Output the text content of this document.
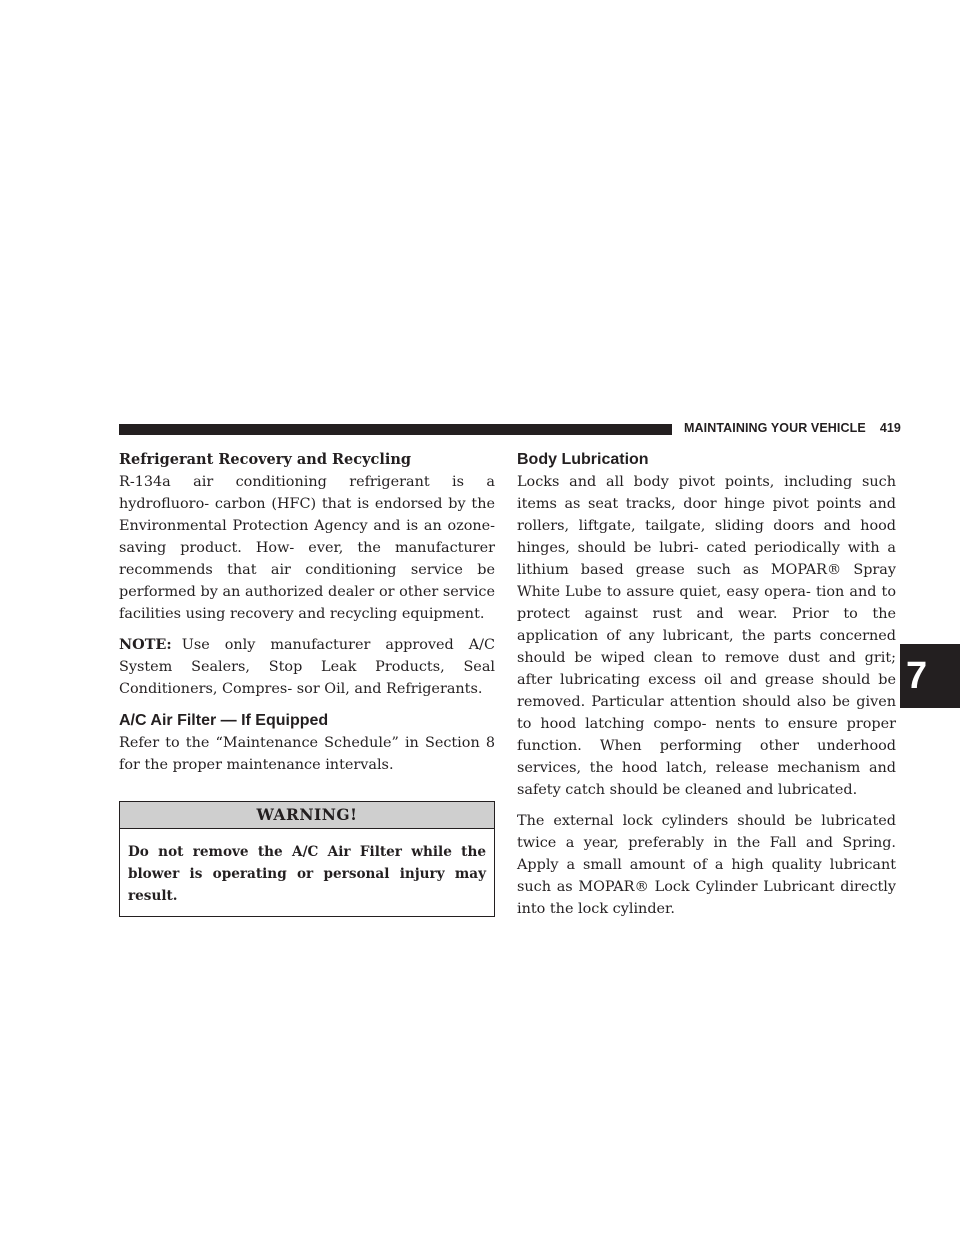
MAINTAINING YOUR VEHICLE 419
Refrigerant Recovery and Recycling

R-134a air conditioning refrigerant is a hydrofluoro- carbon (HFC) that is endorsed by the Environmental Protection Agency and is an ozone-saving product. How- ever, the manufacturer recommends that air conditioning service be performed by an authorized dealer or other service facilities using recovery and recycling equipment.

NOTE: Use only manufacturer approved A/C System Sealers, Stop Leak Products, Seal Conditioners, Compres- sor Oil, and Refrigerants.

A/C Air Filter — If Equipped

Refer to the “Maintenance Schedule” in Section 8 for the proper maintenance intervals.

WARNING!
Do not remove the A/C Air Filter while the blower is operating or personal injury may result.
Body Lubrication

Locks and all body pivot points, including such items as seat tracks, door hinge pivot points and rollers, liftgate, tailgate, sliding doors and hood hinges, should be lubri- cated periodically with a lithium based grease such as MOPAR® Spray White Lube to assure quiet, easy opera- tion and to protect against rust and wear. Prior to the application of any lubricant, the parts concerned should be wiped clean to remove dust and grit; after lubricating excess oil and grease should be removed. Particular attention should also be given to hood latching compo- nents to ensure proper function. When performing other underhood services, the hood latch, release mechanism and safety catch should be cleaned and lubricated.

The external lock cylinders should be lubricated twice a year, preferably in the Fall and Spring. Apply a small amount of a high quality lubricant such as MOPAR® Lock Cylinder Lubricant directly into the lock cylinder.

7
